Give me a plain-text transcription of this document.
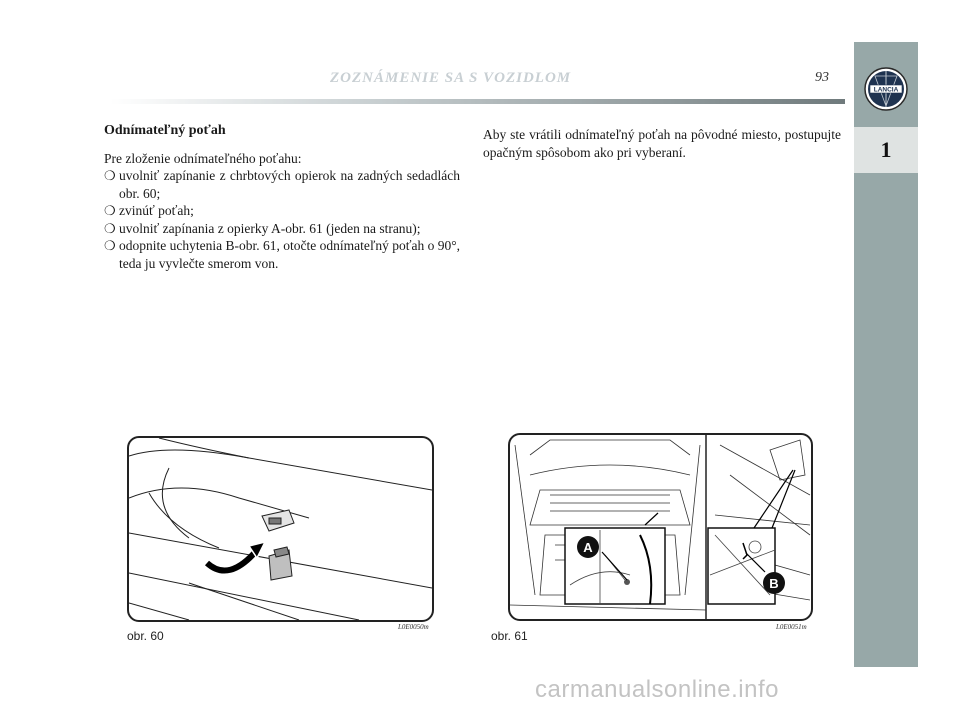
ZOZNÁMENIE SA S VOZIDLOM	93
LANCIA
1

Odnímateľný poťah

Pre zloženie odnímateľného poťahu:

❍ uvolniť zapínanie z chrbtových opierok na zadných sedadlách obr. 60;
❍ zvinúť poťah;
❍ uvolniť zapínania z opierky A-obr. 61 (jeden na stranu);
❍ odopnite uchytenia B-obr. 61, otočte odnímateľný poťah o 90°, teda ju vyvlečte smerom von.

Aby ste vrátili odnímateľný poťah na pôvodné miesto, postupujte opačným spôsobom ako pri vyberaní.

obr. 60
L0E0050m
A
B
obr. 61
L0E0051m
carmanualsonline.info
